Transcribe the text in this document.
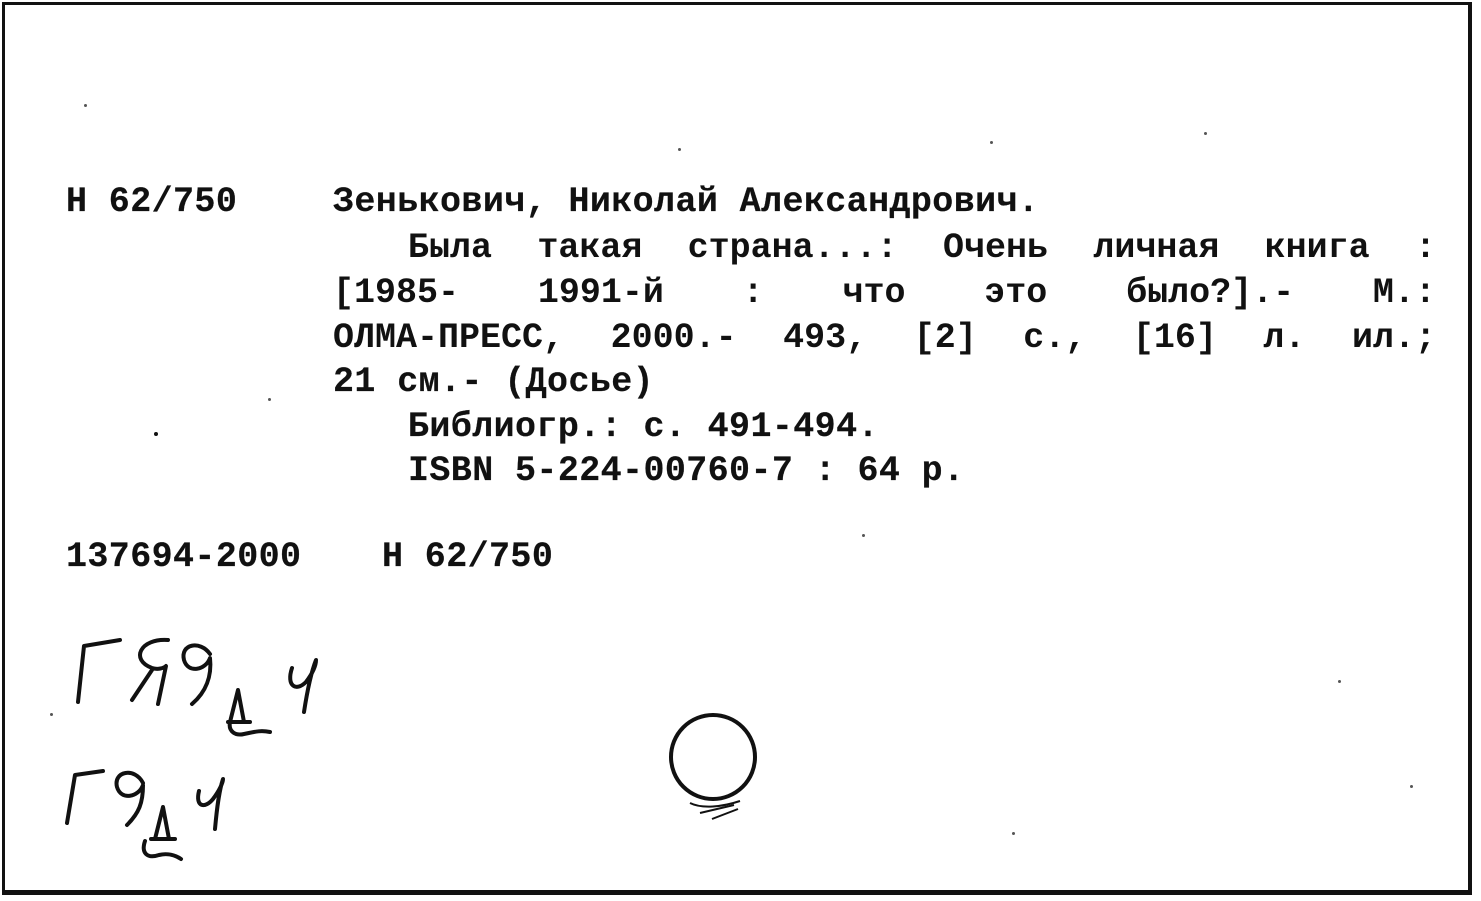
Н 62/750	Зенькович, Николай Александрович.
Была такая страна...: Очень личная книга :
[1985- 1991-й : что это было?].- М.:
ОЛМА-ПРЕСС, 2000.- 493, [2] с., [16] л. ил.;
21 см.- (Досье)
Библиогр.: с. 491-494.
ISBN 5-224-00760-7 : 64 р.
137694-2000 Н 62/750
